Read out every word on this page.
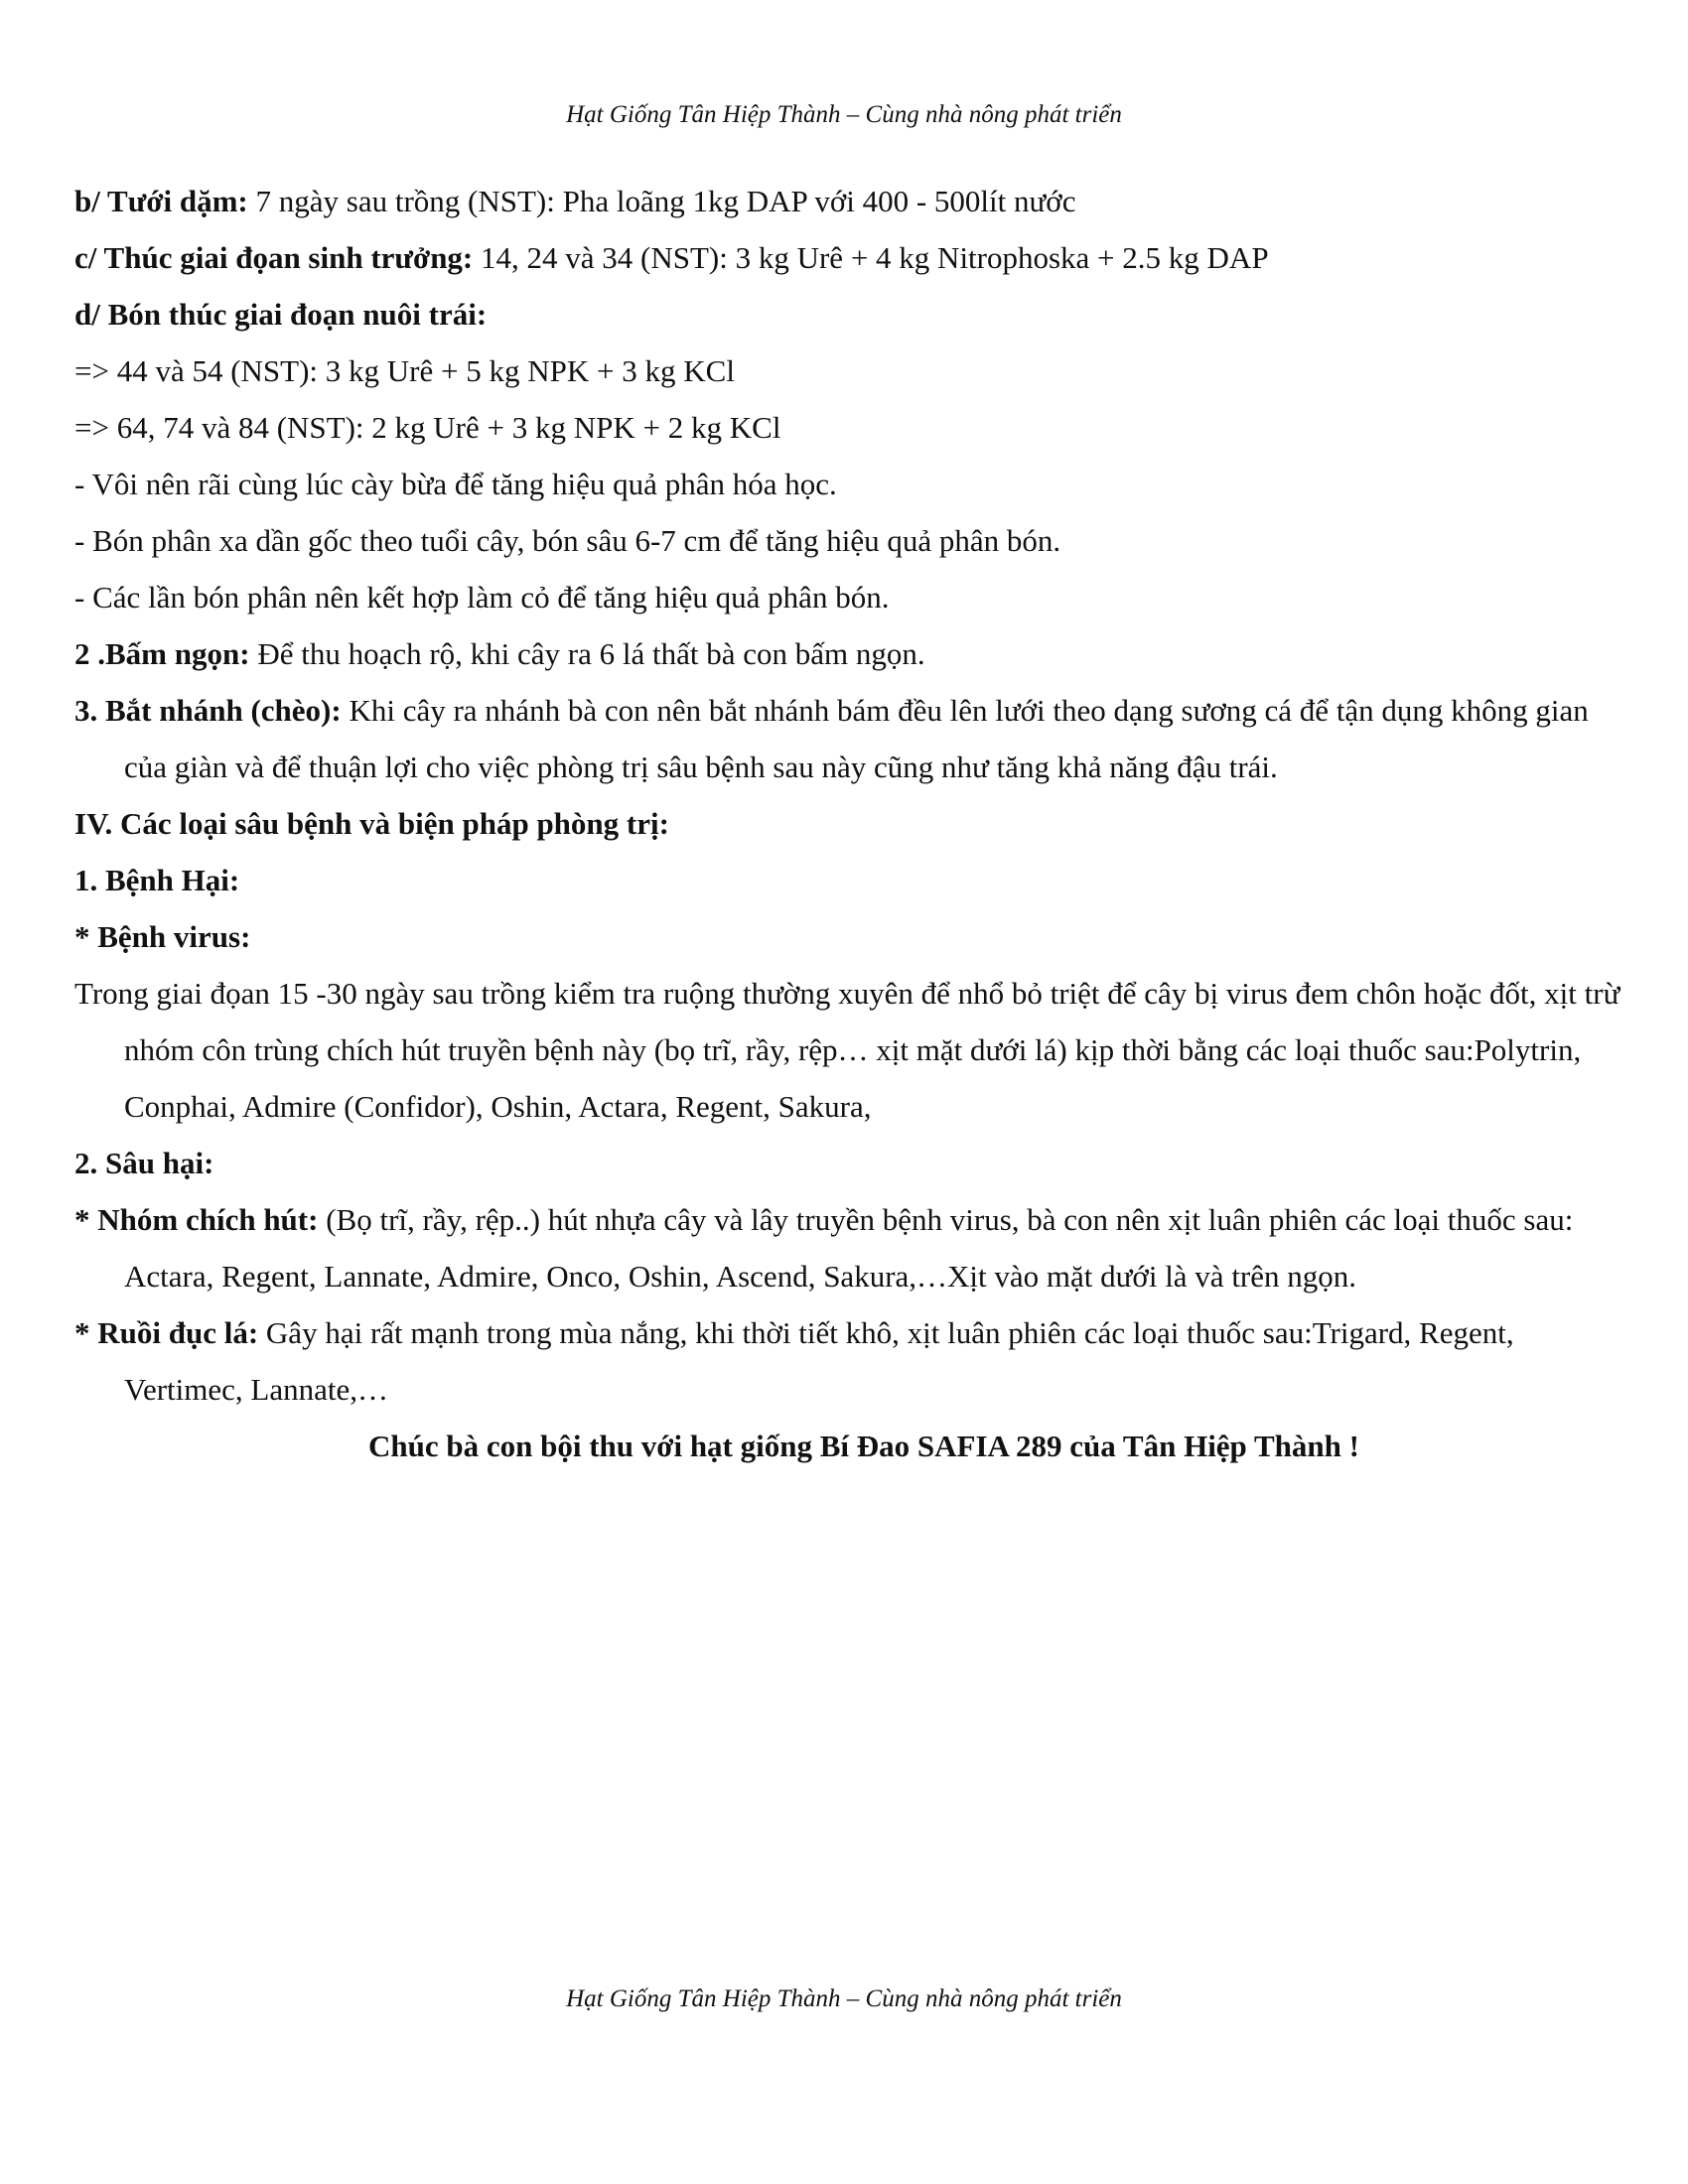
Hạt Giống Tân Hiệp Thành – Cùng nhà nông phát triển

b/ Tưới dặm: 7 ngày sau trồng (NST): Pha loãng 1kg DAP với 400 - 500lít nước

c/ Thúc giai đọan sinh trưởng: 14, 24 và 34 (NST): 3 kg Urê + 4 kg Nitrophoska + 2.5 kg DAP

d/ Bón thúc giai đoạn nuôi trái:

=> 44 và 54 (NST): 3 kg Urê + 5 kg NPK + 3 kg KCl

=> 64, 74 và 84 (NST): 2 kg Urê + 3 kg NPK + 2 kg KCl

- Vôi nên rãi cùng lúc cày bừa để tăng hiệu quả phân hóa học.

- Bón phân xa dần gốc theo tuổi cây, bón sâu 6-7 cm để tăng hiệu quả phân bón.

- Các lần bón phân nên kết hợp làm cỏ để tăng hiệu quả phân bón.

2 .Bấm ngọn: Để thu hoạch rộ, khi cây ra 6 lá thất bà con bấm ngọn.

3. Bắt nhánh (chèo): Khi cây ra nhánh bà con nên bắt nhánh bám đều lên lưới theo dạng sương cá để tận dụng không gian của giàn và để thuận lợi cho việc phòng trị sâu bệnh sau này cũng như tăng khả năng đậu trái.

IV. Các loại sâu bệnh và biện pháp phòng trị:

1. Bệnh Hại:

* Bệnh virus:

Trong giai đọan 15 -30 ngày sau trồng kiểm tra ruộng thường xuyên để nhổ bỏ triệt để cây bị virus đem chôn hoặc đốt, xịt trừ nhóm côn trùng chích hút truyền bệnh này (bọ trĩ, rầy, rệp… xịt mặt dưới lá) kịp thời bằng các loại thuốc sau:Polytrin, Conphai, Admire (Confidor), Oshin, Actara, Regent, Sakura,

2. Sâu hại:

* Nhóm chích hút: (Bọ trĩ, rầy, rệp..) hút nhựa cây và lây truyền bệnh virus, bà con nên xịt luân phiên các loại thuốc sau: Actara, Regent, Lannate, Admire, Onco, Oshin, Ascend, Sakura,…Xịt vào mặt dưới là và trên ngọn.

* Ruồi đục lá: Gây hại rất mạnh trong mùa nắng, khi thời tiết khô, xịt luân phiên các loại thuốc sau:Trigard, Regent, Vertimec, Lannate,…

Chúc bà con bội thu với hạt giống Bí Đao SAFIA 289 của Tân Hiệp Thành !

Hạt Giống Tân Hiệp Thành – Cùng nhà nông phát triển
